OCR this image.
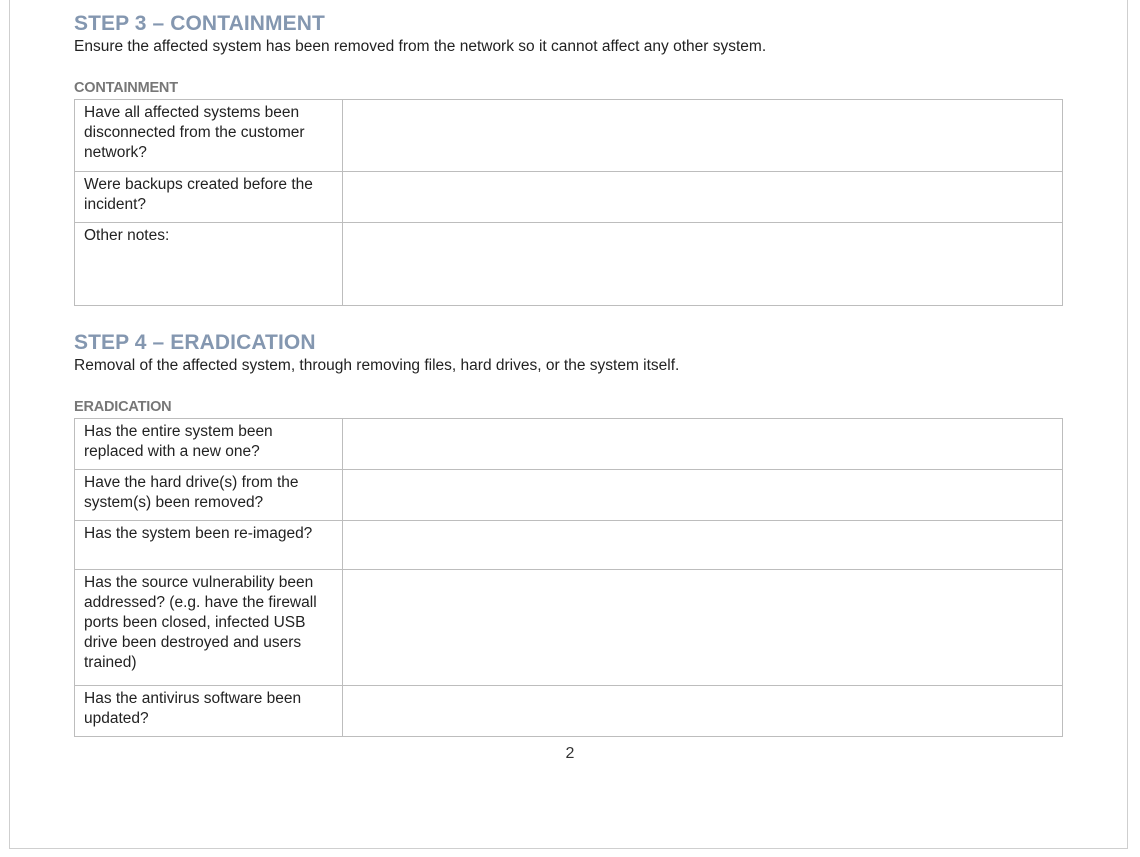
STEP 3 – CONTAINMENT

Ensure the affected system has been removed from the network so it cannot affect any other system.

CONTAINMENT

Have all affected systems been disconnected from the customer network?	
Were backups created before the incident?	
Other notes:	
STEP 4 – ERADICATION

Removal of the affected system, through removing files, hard drives, or the system itself.

ERADICATION

Has the entire system been replaced with a new one?	
Have the hard drive(s) from the system(s) been removed?	
Has the system been re-imaged?	
Has the source vulnerability been addressed? (e.g. have the firewall ports been closed, infected USB drive been destroyed and users trained)	
Has the antivirus software been updated?	
2
